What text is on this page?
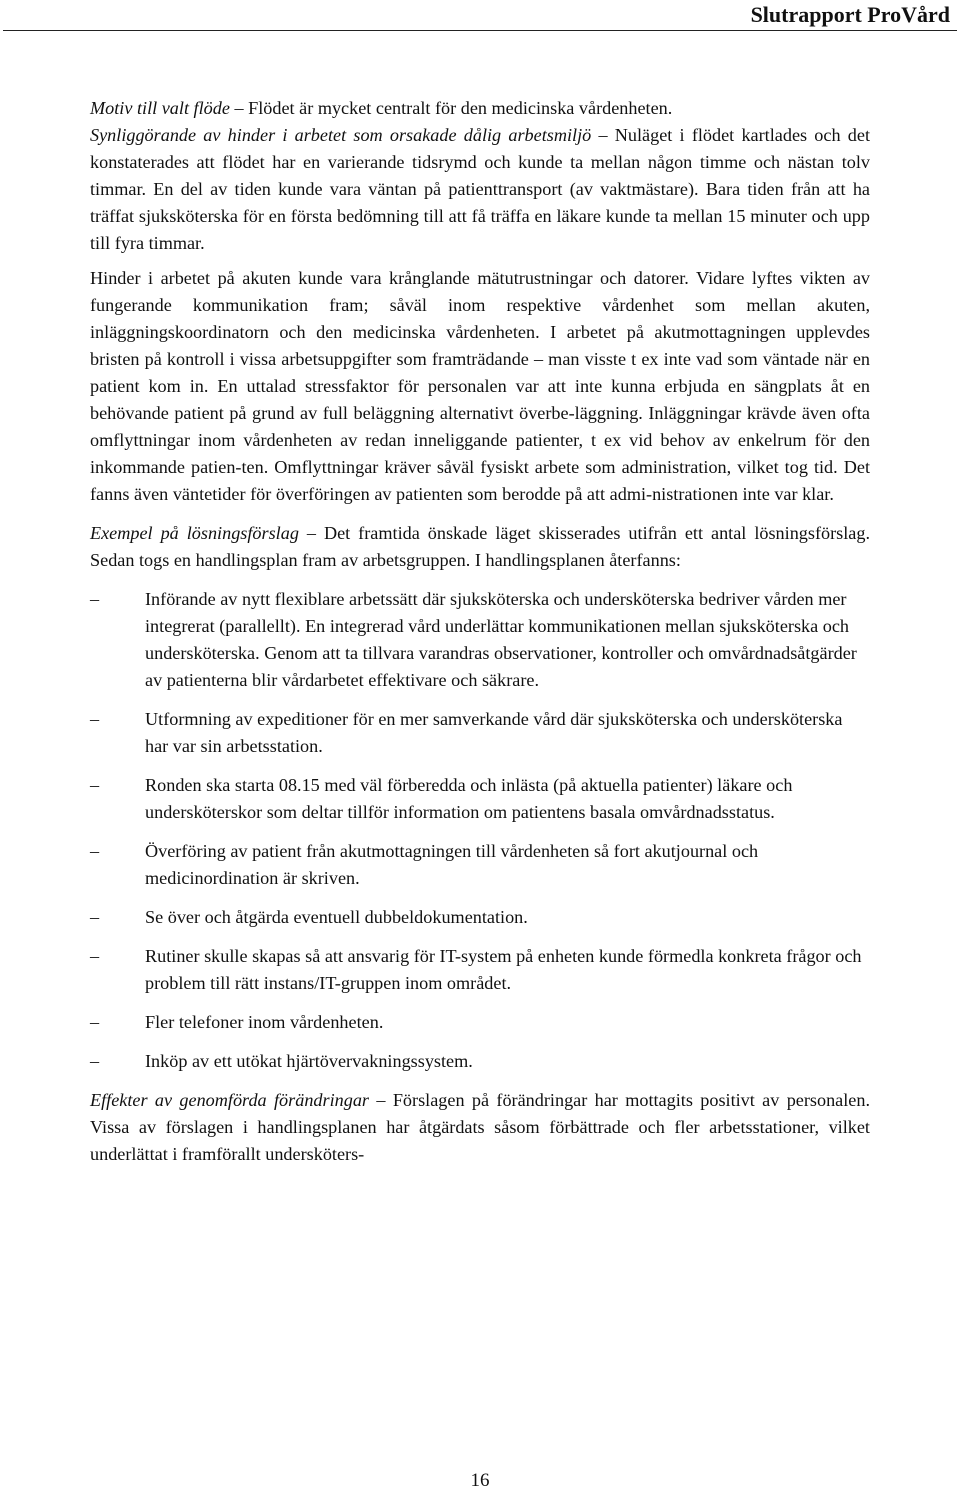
Slutrapport ProVård

Motiv till valt flöde – Flödet är mycket centralt för den medicinska vårdenheten.

Synliggörande av hinder i arbetet som orsakade dålig arbetsmiljö – Nuläget i flödet kartlades och det konstaterades att flödet har en varierande tidsrymd och kunde ta mellan någon timme och nästan tolv timmar. En del av tiden kunde vara väntan på patienttransport (av vaktmästare). Bara tiden från att ha träffat sjuksköterska för en första bedömning till att få träffa en läkare kunde ta mellan 15 minuter och upp till fyra timmar.

Hinder i arbetet på akuten kunde vara krånglande mätutrustningar och datorer. Vidare lyftes vikten av fungerande kommunikation fram; såväl inom respektive vårdenhet som mellan akuten, inläggningskoordinatorn och den medicinska vårdenheten. I arbetet på akutmottagningen upplevdes bristen på kontroll i vissa arbetsuppgifter som framträdande – man visste t ex inte vad som väntade när en patient kom in. En uttalad stressfaktor för personalen var att inte kunna erbjuda en sängplats åt en behövande patient på grund av full beläggning alternativt överbe-läggning. Inläggningar krävde även ofta omflyttningar inom vårdenheten av redan inneliggande patienter, t ex vid behov av enkelrum för den inkommande patien-ten. Omflyttningar kräver såväl fysiskt arbete som administration, vilket tog tid. Det fanns även väntetider för överföringen av patienten som berodde på att admi-nistrationen inte var klar.

Exempel på lösningsförslag – Det framtida önskade läget skisserades utifrån ett antal lösningsförslag. Sedan togs en handlingsplan fram av arbetsgruppen. I handlingsplanen återfanns:

–	Införande av nytt flexiblare arbetssätt där sjuksköterska och undersköterska bedriver vården mer integrerat (parallellt). En integrerad vård underlättar kommunikationen mellan sjuksköterska och undersköterska. Genom att ta tillvara varandras observationer, kontroller och omvårdnadsåtgärder av patienterna blir vårdarbetet effektivare och säkrare.
–	Utformning av expeditioner för en mer samverkande vård där sjuksköterska och undersköterska har var sin arbetsstation.
–	Ronden ska starta 08.15 med väl förberedda och inlästa (på aktuella patienter) läkare och undersköterskor som deltar tillför information om patientens basala omvårdnadsstatus.
–	Överföring av patient från akutmottagningen till vårdenheten så fort akutjournal och medicinordination är skriven.
–	Se över och åtgärda eventuell dubbeldokumentation.
–	Rutiner skulle skapas så att ansvarig för IT-system på enheten kunde förmedla konkreta frågor och problem till rätt instans/IT-gruppen inom området.
–	Fler telefoner inom vårdenheten.
–	Inköp av ett utökat hjärtövervakningssystem.

Effekter av genomförda förändringar – Förslagen på förändringar har mottagits positivt av personalen. Vissa av förslagen i handlingsplanen har åtgärdats såsom förbättrade och fler arbetsstationer, vilket underlättat i framförallt undersköters-

16
